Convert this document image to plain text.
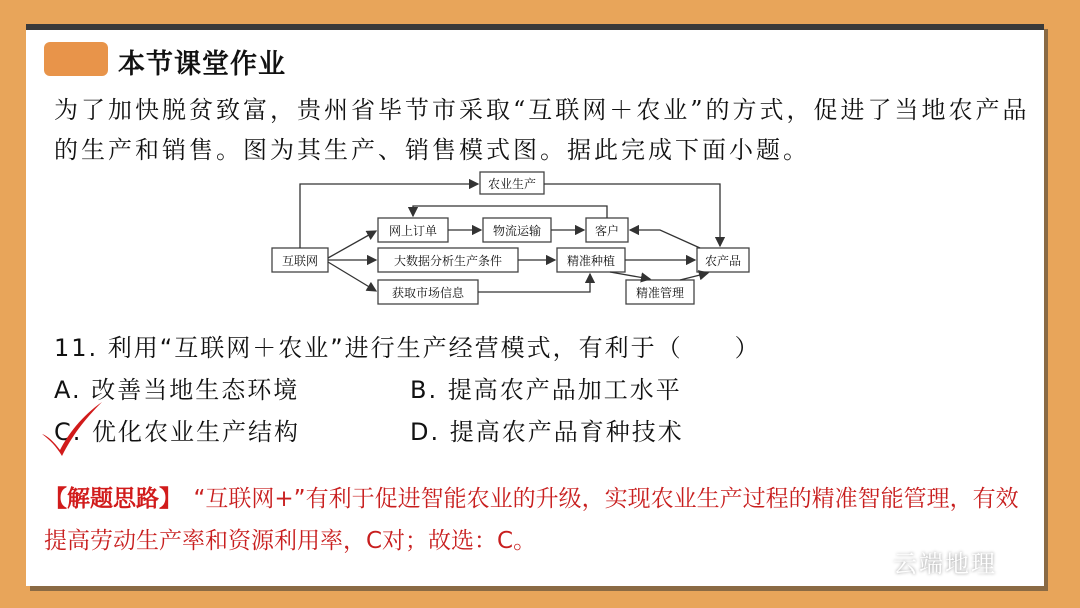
本节课堂作业
为了加快脱贫致富，贵州省毕节市采取“互联网＋农业”的方式，促进了当地农产品的生产和销售。图为其生产、销售模式图。据此完成下面小题。
互联网
农业生产
网上订单	物流运输	客户
大数据分析生产条件	精准种植	农产品
获取市场信息	精准管理
11. 利用“互联网＋农业”进行生产经营模式，有利于（　　）
A. 改善当地生态环境	B. 提高农产品加工水平
C. 优化农业生产结构	D. 提高农产品育种技术
【解题思路】　“互联网+”有利于促进智能农业的升级，实现农业生产过程的精准智能管理，有效提高劳动生产率和资源利用率，C对；故选：C。
云端地理
